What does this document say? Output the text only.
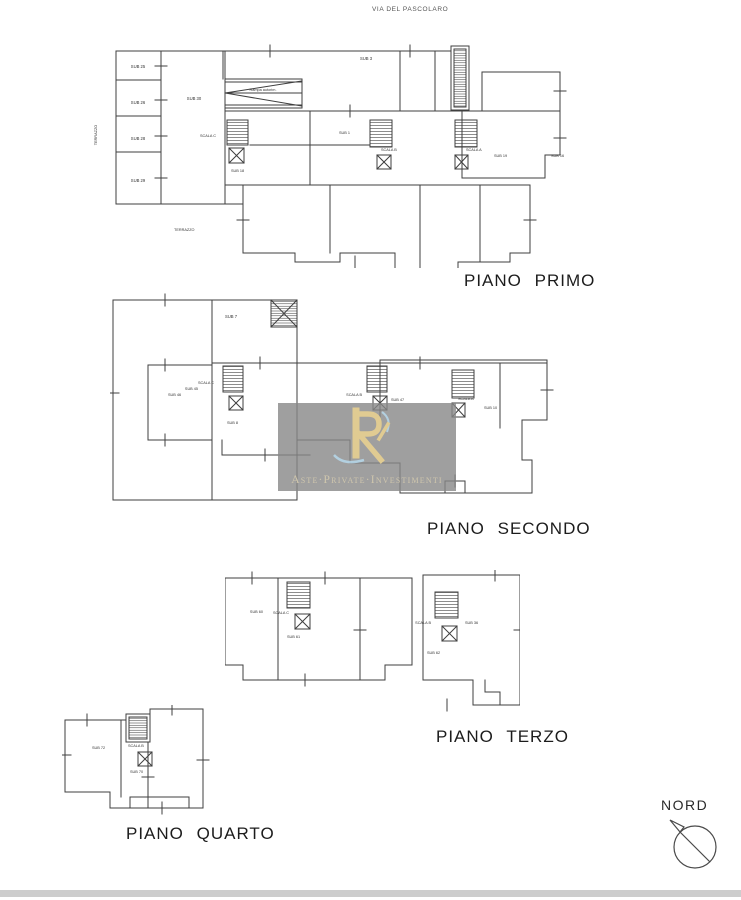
VIA DEL PASCOLARO
SUB 25
SUB 26
SUB 28
SUB 29
SUB 30
SUB 3
Rampa autorim.
SCALA C
SUB 18
SUB 1
SCALA B	SCALA A
SUB 19	SUB 16
TERRAZZO
TERRAZZO
PIANO PRIMO
SUB 7
SUB 46
SUB 45
SCALA C
SUB 8
SUB 47
SCALA B
SCALA A
SUB 10
PIANO SECONDO
Aste·Private·Investimenti
SUB 60	SCALA C
SUB 61
SCALA B	SUB 36
SUB 62
PIANO TERZO
SUB 72	SCALA B
SUB 70
PIANO QUARTO
NORD
